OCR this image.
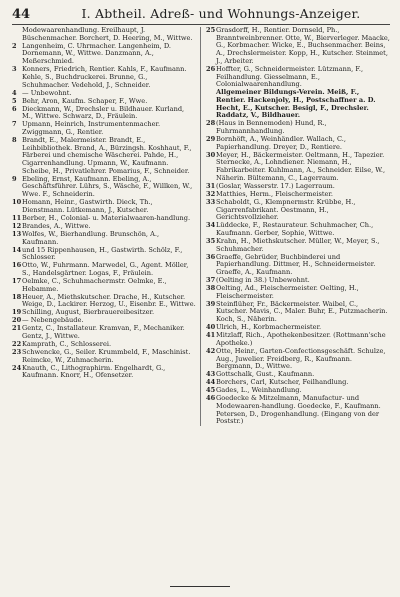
44	I. Abtheil. Adreß- und Wohnungs-Anzeiger.
Modewaarenhandlung. Ereilhaupt, J. Büschenmacher. Borchert, D. Heering, M., Wittwe.
2 Langenheim, C. Uhrmacher. Langenheim, D. Dornemann, W., Wittwe. Danzmann, A., Meßerschmied.
3 Konners, Friedrich, Rentier. Kahls, F., Kaufmann. Kehle, S., Buchdruckerei. Brunne, G., Schuhmacher. Vedehold, J., Schneider.
4 — Unbewohnt.
5 Behr, Aron, Kaufm. Schaper, F., Wwe.
6 Dieckmann, W., Drechsler u. Bildhauer. Kurland, M., Wittwe. Schwarz, D., Fräulein.
7 Upmann, Heinrich, Instrumentenmacher. Zwiggmann, G., Rentier.
8 Brandt, E., Malermeister. Brandt, E., Leihbibliothek. Brand, A., Bürzingsh. Koshhaut, F., Färberei und chemische Wäscherei. Pahde, H., Cigarrenhandlung. Upmann, W., Kaufmann. Scheibe, H., Privatlehrer. Pomarius, F., Schneider.
9 Ebeling, Ernst, Kaufmann. Ebeling, A., Geschäftsführer. Lührs, S., Wäsche, F., Willken, W., Wwe. F., Schneiderin.
10 Homann, Heinr., Gastwirth. Dieck, Th., Dienstmann. Lütkemann, J., Kutscher.
11 Berber, H., Colonial- u. Materialwaaren-handlung.
12 Brandes, A., Wittwe.
13 Wolfes, W., Bierhandlung. Brunschön, A., Kaufmann.
14 und 15 Rippenhausen, H., Gastwirth. Schölz, F., Schlosser.
16 Otto, W., Fuhrmann. Marwedel, G., Agent. Möller, S., Handelsgärtner. Logas, F., Fräulein.
17 Oelmke, C., Schuhmachermstr. Oelmke, E., Hebamme.
18 Heuer, A., Miethskutscher. Drache, H., Kutscher. Weige, D., Lackirer. Herzog, U., Eisenbr. E., Wittwe.
19 Schilling, August, Bierbrauereibesitzer.
20 — Nebengebäude.
21 Gentz, C., Installateur. Kramvan, F., Mechaniker. Gentz, J., Wittwe.
22 Kamprath, C., Schlosserei.
23 Schwencke, G., Seiler. Krummbeld, F., Maschinist. Reimcke, W., Zuhmacherin.
24 Knauth, C., Lithographirm. Engelhardt, G., Kaufmann. Knorr, H., Ofensetzer.
25 Grasdorff, H., Rentier. Dornseld, Ph., Branntweinbrenner. Otte, W., Bierverleger. Maacke, G., Korbmacher. Wicke, E., Buchsenmacher. Beins, A., Drechslermeister. Kopp, H., Kutscher. Steinmet, J., Arbeiter.
26 Hoffter, G., Schneidermeister. Lützmann, F., Feilhandlung. Giesselmann, E., Colonialwaarenhandlung.
Allgemeiner Bildungs-Verein. Meiß, F., Rentier. Hackenjoly, H., Postschaffner a. D. Hecht, E., Kutscher. Besigl, F., Drechsler. Raddatz, V., Bildhauer.
28 (Haus in Bennemoden) Hund, R., Fuhrmannhandlung.
29 Bornhöft, A., Weinhändler. Wallach, C., Papierhandlung. Dreyer, D., Rentiere.
30 Meyer, H., Bäckermeister. Oeltmann, H., Tapezier. Sternecke, A., Lohndiener. Niemann, H., Fabrikarbeiter. Kuhlmann, A., Schneider. Eilse, W., Näherin. Bültemann, C., Lagerraum.
31 (Goslar, Wasserstr. 17.) Lagerraum.
32 Matthies, Herm., Fleischermeister.
33 Schaboldt, G., Klempnermstr. Krübbe, H., Cigarrenfabrikant. Oestmann, H., Gerichtsvollzieher.
34 Lüddecke, F., Restaurateur. Schuhmacher, Ch., Kaufmann. Gerber, Sophie, Wittwe.
35 Krahn, H., Miethskutscher. Müller, W., Meyer, S., Schuhmacher.
36 Graeffe, Gebrüder, Buchbinderei und Papierhandlung. Dittmer, H., Schneidermeister. Graeffe, A., Kaufmann.
37 (Oelting in 38.) Unbewohnt.
38 Oelting, Ad., Fleischermeister. Oelting, H., Fleischermeister.
39 Steinflüher, Fr., Bäckermeister. Waibel, C., Kutscher. Mavis, C., Maler. Buhr, E., Putzmacherin. Koch, S., Näherin.
40 Ulrich, H., Korbmachermeister.
41 Mitzlaff, Rich., Apothekenbesitzer. (Rottmann'sche Apotheke.)
42 Otte, Heinr., Garten-Confectionsgeschäft. Schulze, Aug., Juwelier. Freidberg, R., Kaufmann. Bergmann, D., Wittwe.
43 Gottschalk, Gust., Kaufmann.
44 Borchers, Carl, Kutscher, Feilhandlung.
45 Gades, L., Weinhandlung.
46 Goedecke & Mitzelmann, Manufactur- und Modewaaren-handlung. Goedecke, F., Kaufmann. Petersen, D., Drogenhandlung. (Eingang von der Poststr.)
